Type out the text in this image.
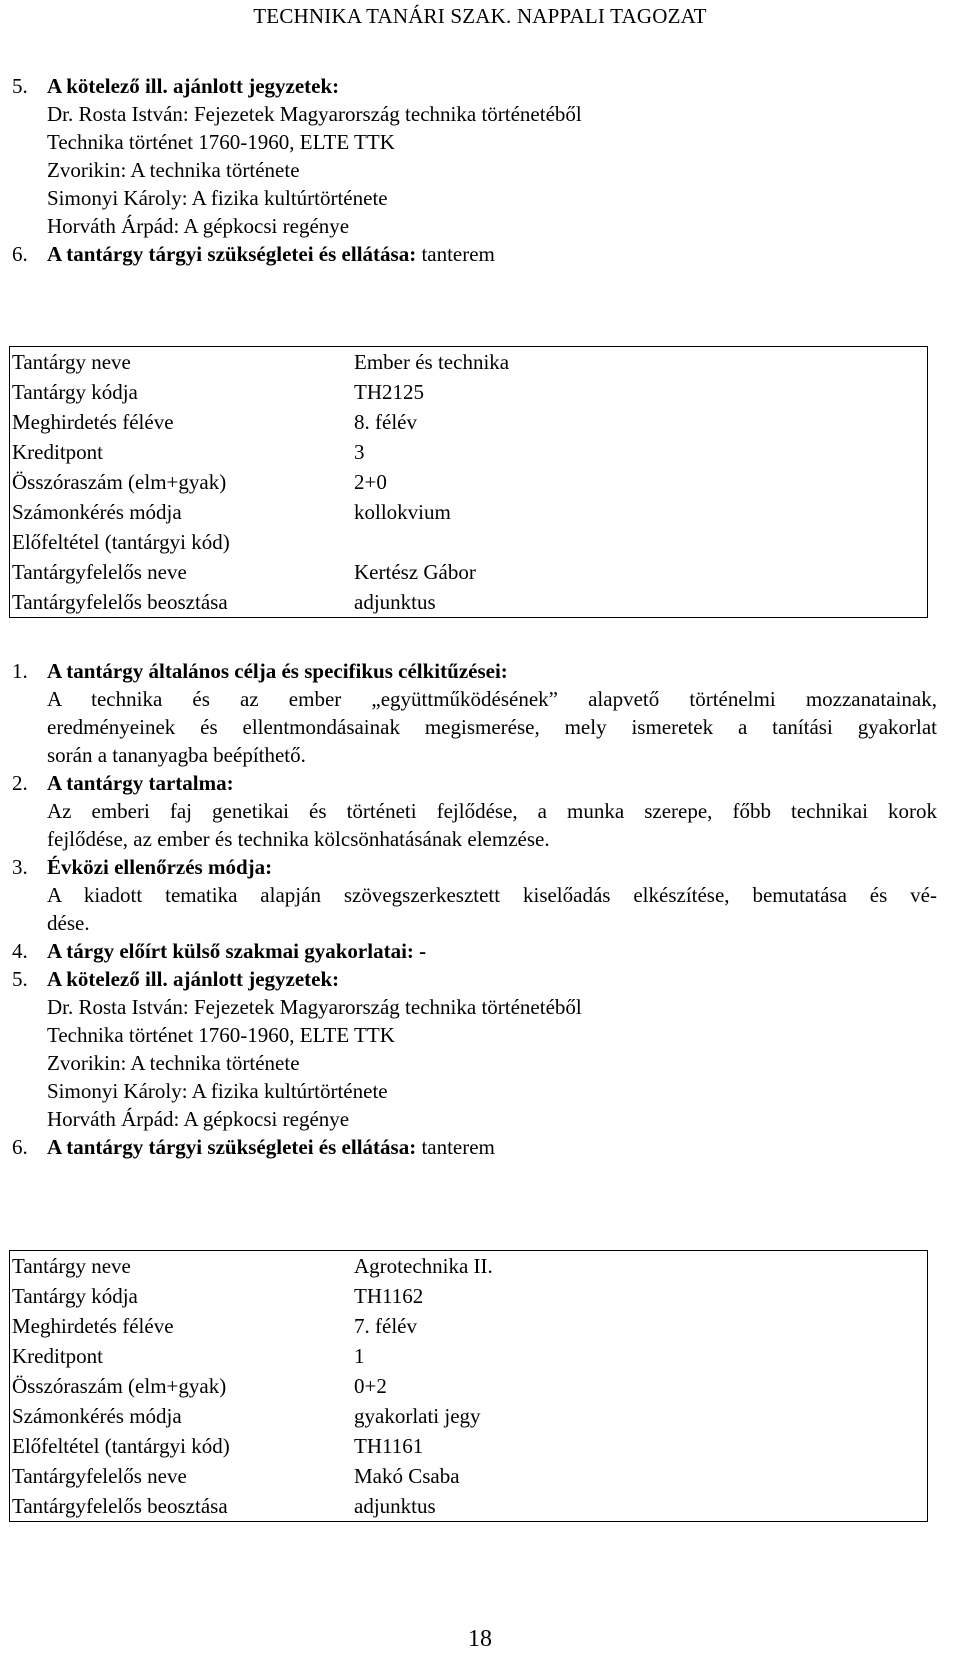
TECHNIKA TANÁRI SZAK. NAPPALI TAGOZAT
5. A kötelező ill. ajánlott jegyzetek:
Dr. Rosta István: Fejezetek Magyarország technika történetéből
Technika történet 1760-1960, ELTE TTK
Zvorikin: A technika története
Simonyi Károly: A fizika kultúrtörténete
Horváth Árpád: A gépkocsi regénye
6. A tantárgy tárgyi szükségletei és ellátása: tanterem
Tantárgy neve	Ember és technika
Tantárgy kódja	TH2125
Meghirdetés féléve	8. félév
Kreditpont	3
Összóraszám (elm+gyak)	2+0
Számonkérés módja	kollokvium
Előfeltétel (tantárgyi kód)	
Tantárgyfelelős neve	Kertész Gábor
Tantárgyfelelős beosztása	adjunktus
1. A tantárgy általános célja és specifikus célkitűzései:
A technika és az ember „együttműködésének” alapvető történelmi mozzanatainak,
eredményeinek és ellentmondásainak megismerése, mely ismeretek a tanítási gyakorlat
során a tananyagba beépíthető.
2. A tantárgy tartalma:
Az emberi faj genetikai és történeti fejlődése, a munka szerepe, főbb technikai korok
fejlődése, az ember és technika kölcsönhatásának elemzése.
3. Évközi ellenőrzés módja:
A kiadott tematika alapján szövegszerkesztett kiselőadás elkészítése, bemutatása és vé-
dése.
4. A tárgy előírt külső szakmai gyakorlatai: -
5. A kötelező ill. ajánlott jegyzetek:
Dr. Rosta István: Fejezetek Magyarország technika történetéből
Technika történet 1760-1960, ELTE TTK
Zvorikin: A technika története
Simonyi Károly: A fizika kultúrtörténete
Horváth Árpád: A gépkocsi regénye
6. A tantárgy tárgyi szükségletei és ellátása: tanterem
Tantárgy neve	Agrotechnika II.
Tantárgy kódja	TH1162
Meghirdetés féléve	7. félév
Kreditpont	1
Összóraszám (elm+gyak)	0+2
Számonkérés módja	gyakorlati jegy
Előfeltétel (tantárgyi kód)	TH1161
Tantárgyfelelős neve	Makó Csaba
Tantárgyfelelős beosztása	adjunktus
18
